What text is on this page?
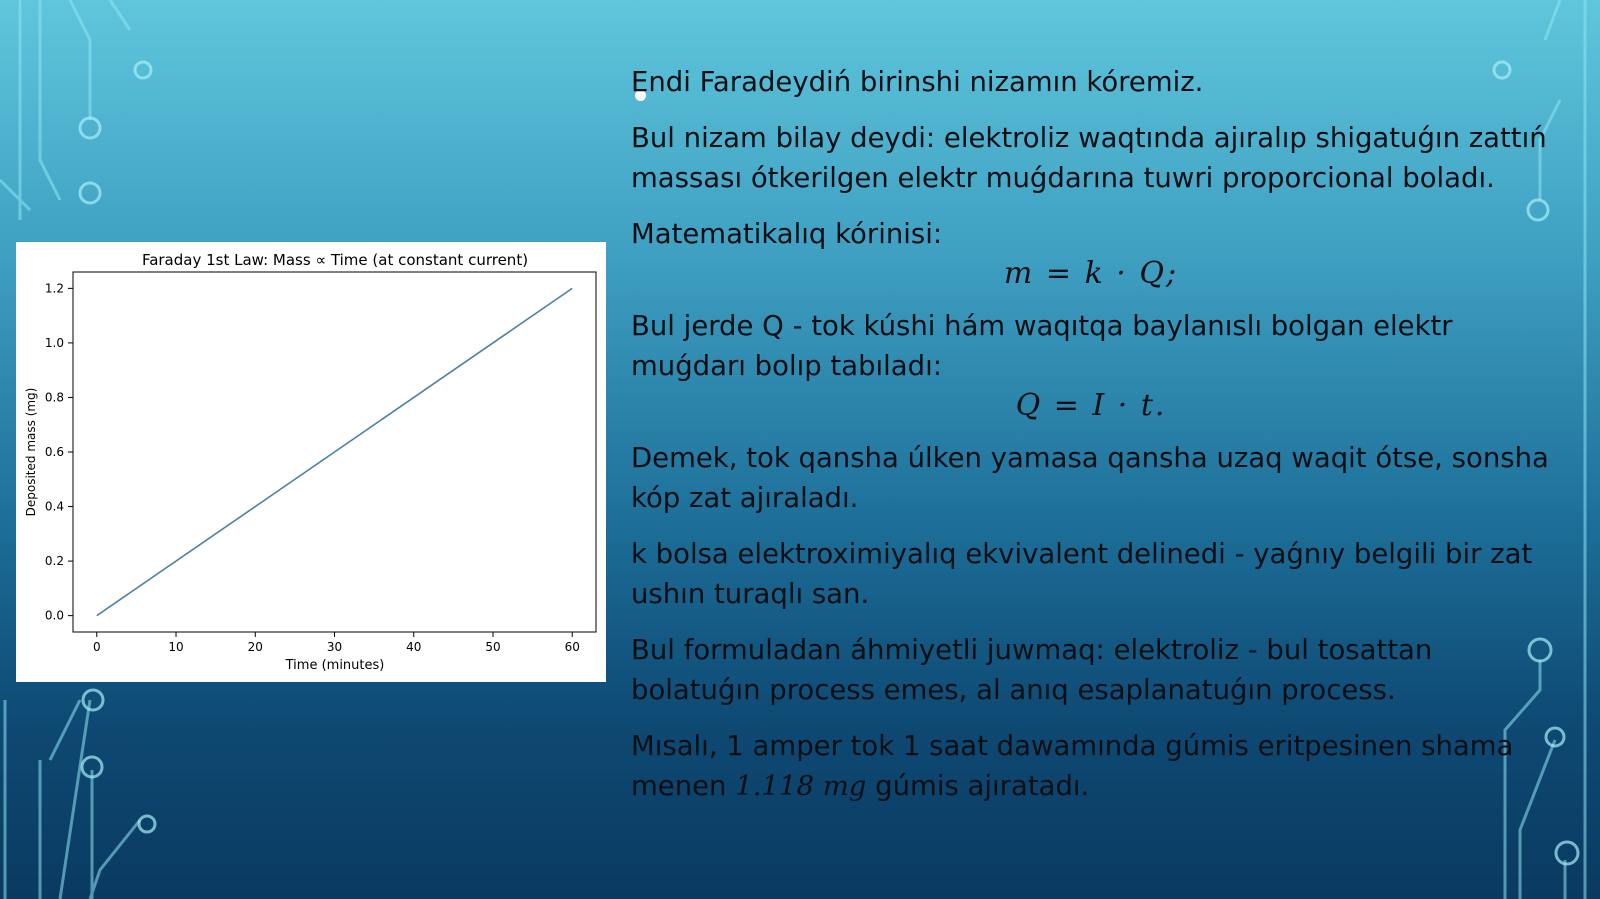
Faraday 1st Law: Mass ∝ Time (at constant current)
0	10	20	30	40	50	60
0.0
0.2
0.4
0.6
0.8
1.0
1.2
Time (minutes)
Deposited mass (mg)

Endi Faradeydiń birinshi nizamın kóremiz.

Bul nizam bilay deydi: elektroliz waqtında ajıralıp shigatuǵın zattıń massası ótkerilgen elektr muǵdarına tuwri proporcional boladı.

Matematikalıq kórinisi:

m = k · Q;

Bul jerde Q - tok kúshi hám waqıtqa baylanıslı bolgan elektr muǵdarı bolıp tabıladı:

Q = I · t.

Demek, tok qansha úlken yamasa qansha uzaq waqit ótse, sonsha kóp zat ajıraladı.

k bolsa elektroximiyalıq ekvivalent delinedi - yaǵnıy belgili bir zat ushın turaqlı san.

Bul formuladan áhmiyetli juwmaq: elektroliz - bul tosattan bolatuǵın process emes, al anıq esaplanatuǵın process.

Mısalı, 1 amper tok 1 saat dawamında gúmis eritpesinen shama menen 1.118 mg gúmis ajıratadı.
